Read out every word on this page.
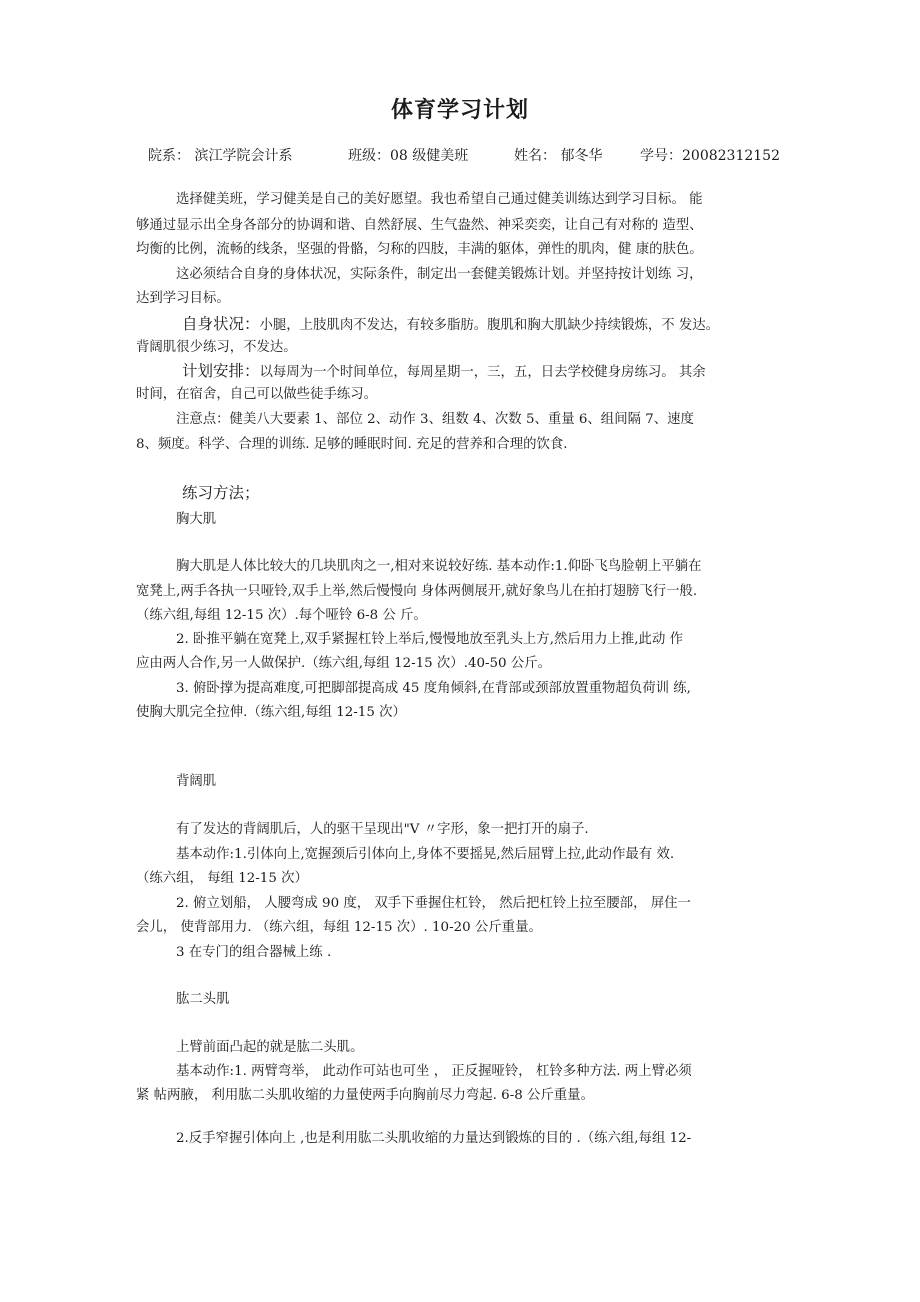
体育学习计划
院系： 滨江学院会计系	班级：08 级健美班	姓名： 郁冬华	学号：20082312152
选择健美班，学习健美是自己的美好愿望。我也希望自己通过健美训练达到学习目标。 能
够通过显示出全身各部分的协调和谐、自然舒展、生气盎然、神采奕奕，让自己有对称的 造型、
均衡的比例，流畅的线条，坚强的骨骼，匀称的四肢，丰满的躯体，弹性的肌肉，健 康的肤色。
这必须结合自身的身体状况，实际条件，制定出一套健美锻炼计划。并坚持按计划练 习，
达到学习目标。
自身状况：小腿，上肢肌肉不发达，有较多脂肪。腹肌和胸大肌缺少持续锻炼，不 发达。
背阔肌很少练习，不发达。
计划安排：以每周为一个时间单位，每周星期一，三，五，日去学校健身房练习。 其余
时间，在宿舍，自己可以做些徒手练习。
注意点：健美八大要素 1、部位 2、动作 3、组数 4、次数 5、重量 6、组间隔 7、速度
8、频度。科学、合理的训练. 足够的睡眠时间. 充足的营养和合理的饮食.
练习方法；
胸大肌
胸大肌是人体比较大的几块肌肉之一,相对来说较好练. 基本动作:1.仰卧飞鸟脸朝上平躺在
宽凳上,两手各执一只哑铃,双手上举,然后慢慢向 身体两侧展开,就好象鸟儿在拍打翅膀飞行一般.
（练六组,每组 12-15 次）.每个哑铃 6-8 公 斤。
2. 卧推平躺在宽凳上,双手紧握杠铃上举后,慢慢地放至乳头上方,然后用力上推,此动 作
应由两人合作,另一人做保护.（练六组,每组 12-15 次）.40-50 公斤。
3. 俯卧撑为提高难度,可把脚部提高成 45 度角倾斜,在背部或颈部放置重物超负荷训 练,
使胸大肌完全拉伸.（练六组,每组 12-15 次）
背阔肌
有了发达的背阔肌后，人的驱干呈现出"V 〃字形，象一把打开的扇子.
基本动作:1.引体向上,宽握颈后引体向上,身体不要摇晃,然后屈臂上拉,此动作最有 效.
（练六组， 每组 12-15 次）
2. 俯立划船， 人腰弯成 90 度， 双手下垂握住杠铃， 然后把杠铃上拉至腰部， 屏住一
会儿， 使背部用力. （练六组，每组 12-15 次）. 10-20 公斤重量。
3 在专门的组合器械上练 .
肱二头肌
上臂前面凸起的就是肱二头肌。
基本动作:1. 两臂弯举， 此动作可站也可坐 ， 正反握哑铃， 杠铃多种方法. 两上臂必须
紧 帖两腋， 利用肱二头肌收缩的力量使两手向胸前尽力弯起. 6-8 公斤重量。
2.反手窄握引体向上 ,也是利用肱二头肌收缩的力量达到锻炼的目的 .（练六组,每组 12-
